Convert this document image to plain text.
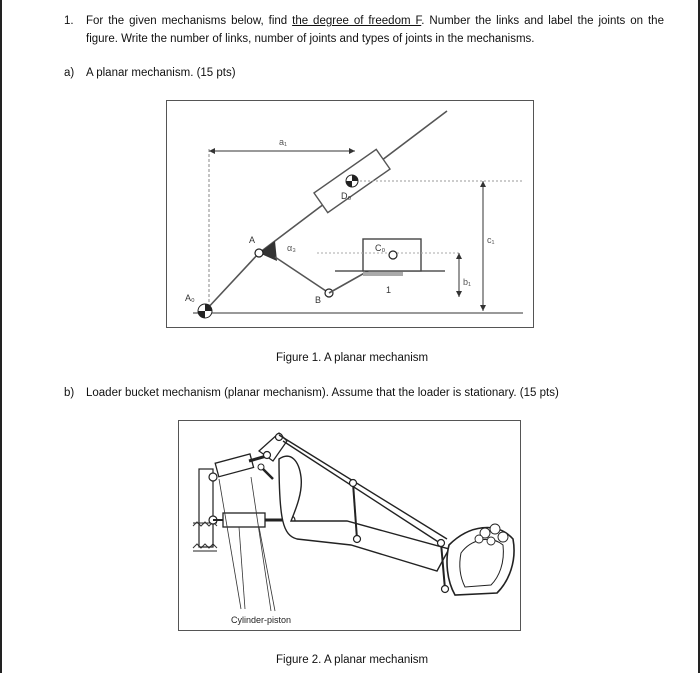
1. For the given mechanisms below, find the degree of freedom F. Number the links and label the joints on the figure. Write the number of links, number of joints and types of joints in the mechanisms.
a) A planar mechanism. (15 pts)
a₁
D₀
A
α₃
B
1
C₀
b₁
c₁
A₀
Figure 1. A planar mechanism
b) Loader bucket mechanism (planar mechanism). Assume that the loader is stationary. (15 pts)
Cylinder-piston
Figure 2. A planar mechanism
